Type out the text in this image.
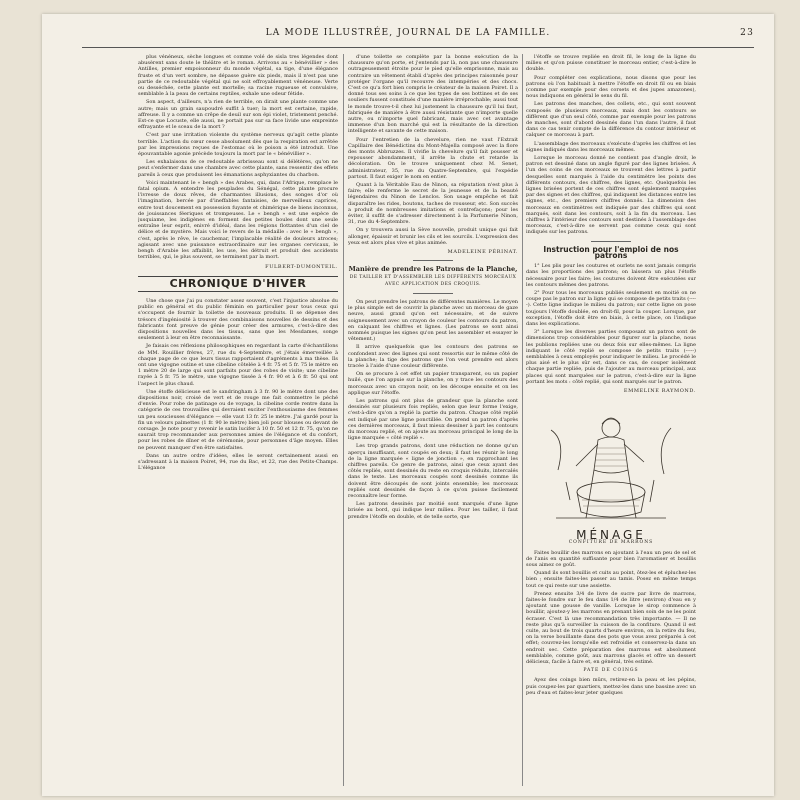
LA MODE ILLUSTRÉE, JOURNAL DE LA FAMILLE.	23

plus vénéneux, sèche longues et comme volé de sisla tres légendes dont abusèrent sans doute le théâtre et le roman. Arrivons au « bénévillier » des Antilles, premier empoisonneur du monde végétal, sa tige, d'une élégance fruste et d'un vert sombre, ne dépasse guère six pieds, mais il n'est pas une partie de ce redoutable végétal qui ne soit effroyablement vénéneuse. Verte ou desséchée, cette plante est mortelle; sa racine rugueuse et convulsive, semblable à la peau de certains reptiles, exhale une odeur fétide.

Son aspect, d'ailleurs, n'a rien de terrible, on dirait une plante comme une autre; mais un grain saupoudré suffit à tuer; la mort est certaine, rapide, affreuse. Il y a comme un crêpe de deuil sur son épi violet, tristement penché. Est-ce que Locuste, elle aussi, ne portait pas sur sa face livide une empreinte effrayante et le sceau de la mort ?

C'est par une irritation violente du système nerveux qu'agit cette plante terrible. L'action du cœur cesse absolument dès que la respiration est arrêtée par les impressions reçues de l'estomac où le poison a été introduit. Une épouvantable agonie précède toujours la mort par le « bénévillier ».

Les exhalaisons de ce redoutable arbrisseau sont si délétères, qu'on ne peut s'enfermer dans une chambre avec cette plante, sans ressentir des effets pareils à ceux que produisent les émanations asphyxiantes du charbon.

Voici maintenant le « bengh » des Arabes, qui, dans l'Afrique, remplace le fatal opium. A entendre les peuplades du Sénégal, cette plante procure l'ivresse de doux rêves, de charmantes illusions, des songes d'or où l'imagination, bercée par d'ineffables fantaisies, de merveilleux caprices, entre tout doucement en possession fuyante et chimérique de biens inconnus, de jouissances féeriques et trompeuses. Le « bengh » est une espèce de jusquiame, les indigènes en forment des petites boules dont une seule entraîne leur esprit, enivré d'idéal, dans les régions flottantes d'un ciel de délice et de mystère. Mais voici le revers de la médaille : avec le « bengh », c'est, après le rêve, le cauchemar, l'implacable réalité de douleurs atroces; agissant avec une puissance extraordinaire sur les organes cervicaux, le bengh d'Arabie les affaiblit, les use, les détruit et produit des accidents terribles, qui, le plus souvent, se terminent par la mort.

FULBERT-DUMONTEIL.
CHRONIQUE D'HIVER

Une chose que j'ai pu constater assez souvent, c'est l'injustice absolue du public en général et du public féminin en particulier pour tous ceux qui s'occupent de fournir la toilette de nouveaux produits. Il se dépense des trésors d'ingéniosité à trouver des combinaisons nouvelles de dessins et des fabricants font preuve de génie pour créer des armures, c'est-à-dire des dispositions nouvelles dans les tissus, sans que les Mesdames, songe seulement à leur en être reconnaissante.

Je faisais ces réflexions philosophiques en regardant la carte d'échantillons de MM. Rouillier frères, 27, rue du 4-Septembre, et j'étais émerveillée à chaque page de ce que leurs tissus rapportaient d'agréments à ma thèse. Ils ont une vigogne outine et une cibeline côtelée à 4 fr. 75 et 5 fr. 75 le mètre en 1 mètre 20 de large qui sont parfaits pour des robes de visite; une cibeline rayée à 5 fr. 75 le mètre, une vigogne tissée à 4 fr. 90 et à 6 fr. 50 qui ont l'aspect le plus chaud.

Une étoffe délicieuse est le sandringham à 3 fr. 90 le mètre dont une des dispositions noir, croisé de vert et de rouge me fait commettre le péché d'envie. Pour robe de patinage ou de voyage, la cibeline corde rentre dans la catégorie de ces trouvailles qui devraient exciter l'enthousiasme des femmes un peu soucieuses d'élégance — elle vaut 13 fr. 25 le mètre. J'ai gardé pour la fin un velours palmettes (1 fr. 90 le mètre) bien joli pour blouses ou devant de corsage. Je note pour y revenir le satin lucifer à 10 fr. 50 et 12 fr. 75, qu'on ne saurait trop recommander aux personnes amies de l'élégance et du confort, pour les robes de dîner et de cérémonie, pour personnes d'âge moyen. Elles ne peuvent manquer d'en être satisfaites.

Dans un autre ordre d'idées, elles le seront certainement aussi en s'adressant à la maison Poiret, 94, rue du Bac, et 22, rue des Petits-Champs. L'élégance

d'une toilette se complète par la bonne exécution de la chaussure qu'on porte, et j'entends par là, non pas une chaussure outrageusement étroite pour le pied qu'elle emprisonne, mais au contraire un vêtement établi d'après des principes raisonnés pour protéger l'organe qu'il recouvre des intempéries et des chocs. C'est ce qu'a fort bien compris le créateur de la maison Poiret. Il a donné tous ses soins à ce que les types de ses bottines et de ses souliers fussent constitués d'une manière irréprochable; aussi tout le monde trouve-t-il chez lui justement la chaussure qu'il lui faut, fabriquée de manière à être aussi résistante que n'importe quelle autre, ou n'importe quel fabricant, mais avec cet avantage immense d'un bon marché qui est la résultante de la direction intelligente et savante de cette maison.

Pour l'entretien de la chevelure, rien ne vaut l'Extrait Capillaire des Bénédictins du Mont-Majella composé avec la flore des monts Abbruzzes. Il vivifie la chevelure qu'il fait pousser et repousser abondamment, il arrête la chute et retarde la décoloration. On le trouve uniquement chez M. Senet, administrateur, 35, rue du Quatre-Septembre, qui l'expédie partout. Il faut exiger le nom en entier.

Quant à la Véritable Eau de Ninon, sa réputation n'est plus à faire; elle renferme le secret de la jeunesse et de la beauté légendaires du Ninon de Lenclos. Son usage empêche et fait disparaître les rides, boutons, taches de rousseur, etc. Son succès a produit de nombreuses imitations et contrefaçons; pour les éviter, il suffit de s'adresser directement à la Parfumerie Ninon, 31, rue du 4-Septembre.

On y trouvera aussi la Sève nouvelle, produit unique qui fait allonger, épaissir et brunir les cils et les sourcils. L'expression des yeux est alors plus vive et plus animée.

MADELEINE PÉRINAT.
Manière de prendre les Patrons de la Planche,
DE TAILLER ET D'ASSEMBLER LES DIFFÉRENTS MORCEAUX
AVEC APPLICATION DES CROQUIS.

On peut prendre les patrons de différentes manières. Le moyen le plus simple est de couvrir la planche avec un morceau de gaze neuve, aussi grand qu'on est nécessaire, et de suivre soigneusement avec un crayon de couleur les contours du patron, en calquant les chiffres et lignes. (Les patrons se sont ainsi nommés puisque les signes qu'on peut les assembler et essayer le vêtement.)

Il arrive quelquefois que les contours des patrons se confondent avec des lignes qui sont ressortis sur le même côté de la planche; la tige des patrons que l'on veut prendre est alors tracée à l'aide d'une couleur différente.

On se procure à cet effet un papier transparent, ou un papier huilé, que l'on appuie sur la planche, on y trace les contours des morceaux avec un crayon noir, on les découpe ensuite et on les applique sur l'étoffe.

Les patrons qui ont plus de grandeur que la planche sont dessinés sur plusieurs fois repliés, selon que leur forme l'exige, c'est-à-dire qu'on a replié la partie du patron. Chaque côté replié est indiqué par une ligne ponctillée. On prend un patron d'après ces dernières morceaux, il faut mieux dessiner à part les contours du morceau replié, et on ajoute au morceau principal le long de la ligne marquée « côté replié ».

Les trop grands patrons, dont une réduction ne donne qu'un aperçu insuffisant, sont coupés en deux; il faut les réunir le long de la ligne marquée « ligne de jonction », en rapprochant les chiffres pareils. Ce genre de patrons, ainsi que ceux ayant des côtés repliés, sont dessinés du reste en croquis réduits, intercalés dans le texte. Les morceaux coupés sont dessinés comme ils doivent être découpés de sont joints ensemble; les morceaux repliés sont dessinés de façon à ce qu'on puisse facilement reconnaître leur forme.

Les patrons dessinés par moitié sont marqués d'une ligne brisée au bord, qui indique leur milieu. Pour les tailler, il faut prendre l'étoffe en double, et de telle sorte, que

l'étoffe se trouve repliée en droit fil, le long de la ligne du milieu et qu'on puisse constituer le morceau entier, c'est-à-dire le double.

Pour compléter ces explications, nous disons que pour les patrons où l'on habituait à mettre l'étoffe en droit fil ou en biais (comme par exemple pour des corsets et des jupes amazones), nous indiquons en général le sens du fil.

Les patrons des manches, des collets, etc., qui sont souvent composés de plusieurs morceaux, mais dont les contours se diffèrent que d'un seul côté, comme par exemple pour les patrons de manches, sont d'abord dessinés dans l'un dans l'autre, il faut dans ce cas tenir compte de la différence du contour intérieur et calquer ce morceau à part.

L'assemblage des morceaux s'exécute d'après les chiffres et les signes indiqués dans les morceaux mêmes.

Lorsque le morceau donné ne contient pas d'angle droit, le patron est dessiné dans un angle figuré par des lignes brisées. A l'un des coins de ces morceaux se trouvent des lettres à partir desquelles sont marqués à l'aide du centimètre les points des différents contours, des chiffres, des lignes, etc. Quelquefois les lignes brisées portent de ces chiffres sont également marquées par des signes et des chiffres, qui indiquent les distances entre les signes, etc., des premiers chiffres donnés. La dimension des morceaux en centimètres est indiquée par des chiffres qui sont marqués, soit dans les contours, soit à la fin du morceau. Les chiffres à l'intérieur des contours sont destinés à l'assemblage des morceaux, c'est-à-dire se servent pas comme ceux qui sont indiqués sur les patrons.

Instruction pour l'emploi de nos patrons

1° Les plis pour les coutures et ourlets ne sont jamais compris dans les proportions des patrons; on laissera un plus l'étoffe nécessaire pour les faire; les coutures doivent être exécutées sur les contours mêmes des patrons.

2° Pour tous les morceaux publiés seulement en moitié on ne coupe pas le patron sur la ligne qui se compose de petits traits (-----). Cette ligne indique le milieu du patron; sur cette ligne on pose toujours l'étoffe doublée, en droit-fil, pour la couper. Lorsque, par exception, l'étoffe doit être en biais, à cette place, on l'indique dans les explications.

3° Lorsque les diverses parties composant un patron sont de dimensions trop considérables pour figurer sur la planche, nous les publions repliées une ou deux fois sur elles-mêmes. La ligne indiquant le côté replié se compose de petits traits (-----) semblables à ceux employés pour indiquer le milieu. Le procédé le plus aisé et le plus sûr est, dans ce cas, de couper isolément chaque partie repliée, puis de l'ajouter au morceau principal, aux places qui sont marquées sur le patron, c'est-à-dire sur la ligne portant les mots : côté replié, qui sont marqués sur le patron.

EMMELINE RAYMOND.
MÉNAGE
CONFITURE DE MARRONS

Faites bouillir des marrons en ajoutant à l'eau un peu de sel et de l'anis en quantité suffisante pour bien l'aromatiser et bouillis sous aimez ce goût.

Quand ils sont bouillis et cuits au point, ôtez-les et épluchez-les bien ; ensuite faites-les passer au tamis. Posez en même temps tout ce qui reste sur une assiette.

Prenez ensuite 3/4 de livre de sucre par livre de marrons, faites-le fondre sur le feu dans 1/4 de litre (environ) d'eau en y ajoutant une gousse de vanille. Lorsque le sirop commence à bouillir, ajoutez-y les marrons en prenant bien soin de ne les point écraser. C'est là une recommandation très importante. — Il ne reste plus qu'à surveiller la cuisson de la confiture. Quand il est cuite, au bout de trois quarts d'heure environ, on la retire du feu, on la verse bouillante dans des pots que vous avez préparés à cet effet; couvrez-les lorsqu'elle est refroidie et conservez-la dans un endroit sec. Cette préparation des marrons est absolument semblable, comme goût, aux marrons glacés et offre un dessert délicieux, facile à faire et, en général, très estimé.

PATE DE COINGS

Ayez des coings bien mûrs, retirez-en la peau et les pépins, puis coupez-les par quartiers, mettez-les dans une bassine avec un peu d'eau et faites-leur jeter quelques
